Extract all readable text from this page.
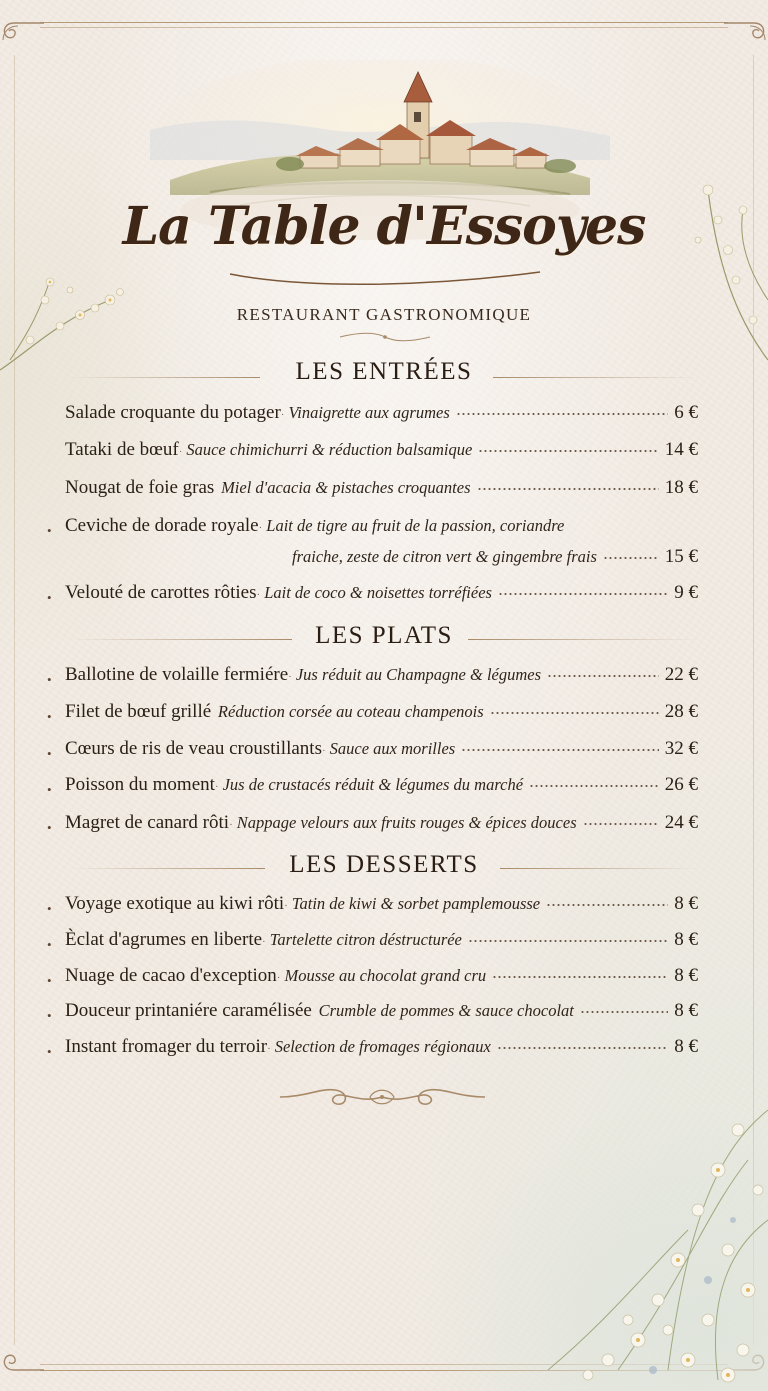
La Table d'Essoyes
RESTAURANT GASTRONOMIQUE
LES ENTRÉES
Salade croquante du potager · Vinaigrette aux agrumes	6 €
Tataki de bœuf · Sauce chimichurri & réduction balsamique	14 €
Nougat de foie gras
Miel d'acacia & pistaches croquantes	18 €
• Ceviche de dorade royale · Lait de tigre au fruit de la passion, coriandre
fraiche, zeste de citron vert & gingembre frais	15 €
• Velouté de carottes rôties · Lait de coco & noisettes torréfiées	9 €
LES PLATS
• Ballotine de volaille fermiére · Jus réduit au Champagne & légumes	22 €
• Filet de bœuf grillé
Réduction corsée au coteau champenois	28 €
• Cœurs de ris de veau croustillants · Sauce aux morilles	32 €
• Poisson du moment · Jus de crustacés réduit & légumes du marché	26 €
• Magret de canard rôti · Nappage velours aux fruits rouges & épices douces	24 €
LES DESSERTS
• Voyage exotique au kiwi rôti · Tatin de kiwi & sorbet pamplemousse	8 €
• Èclat d'agrumes en liberte · Tartelette citron déstructurée	8 €
• Nuage de cacao d'exception · Mousse au chocolat grand cru	8 €
• Douceur printaniére caramélisée
Crumble de pommes & sauce chocolat	8 €
• Instant fromager du terroir · Selection de fromages régionaux	8 €
